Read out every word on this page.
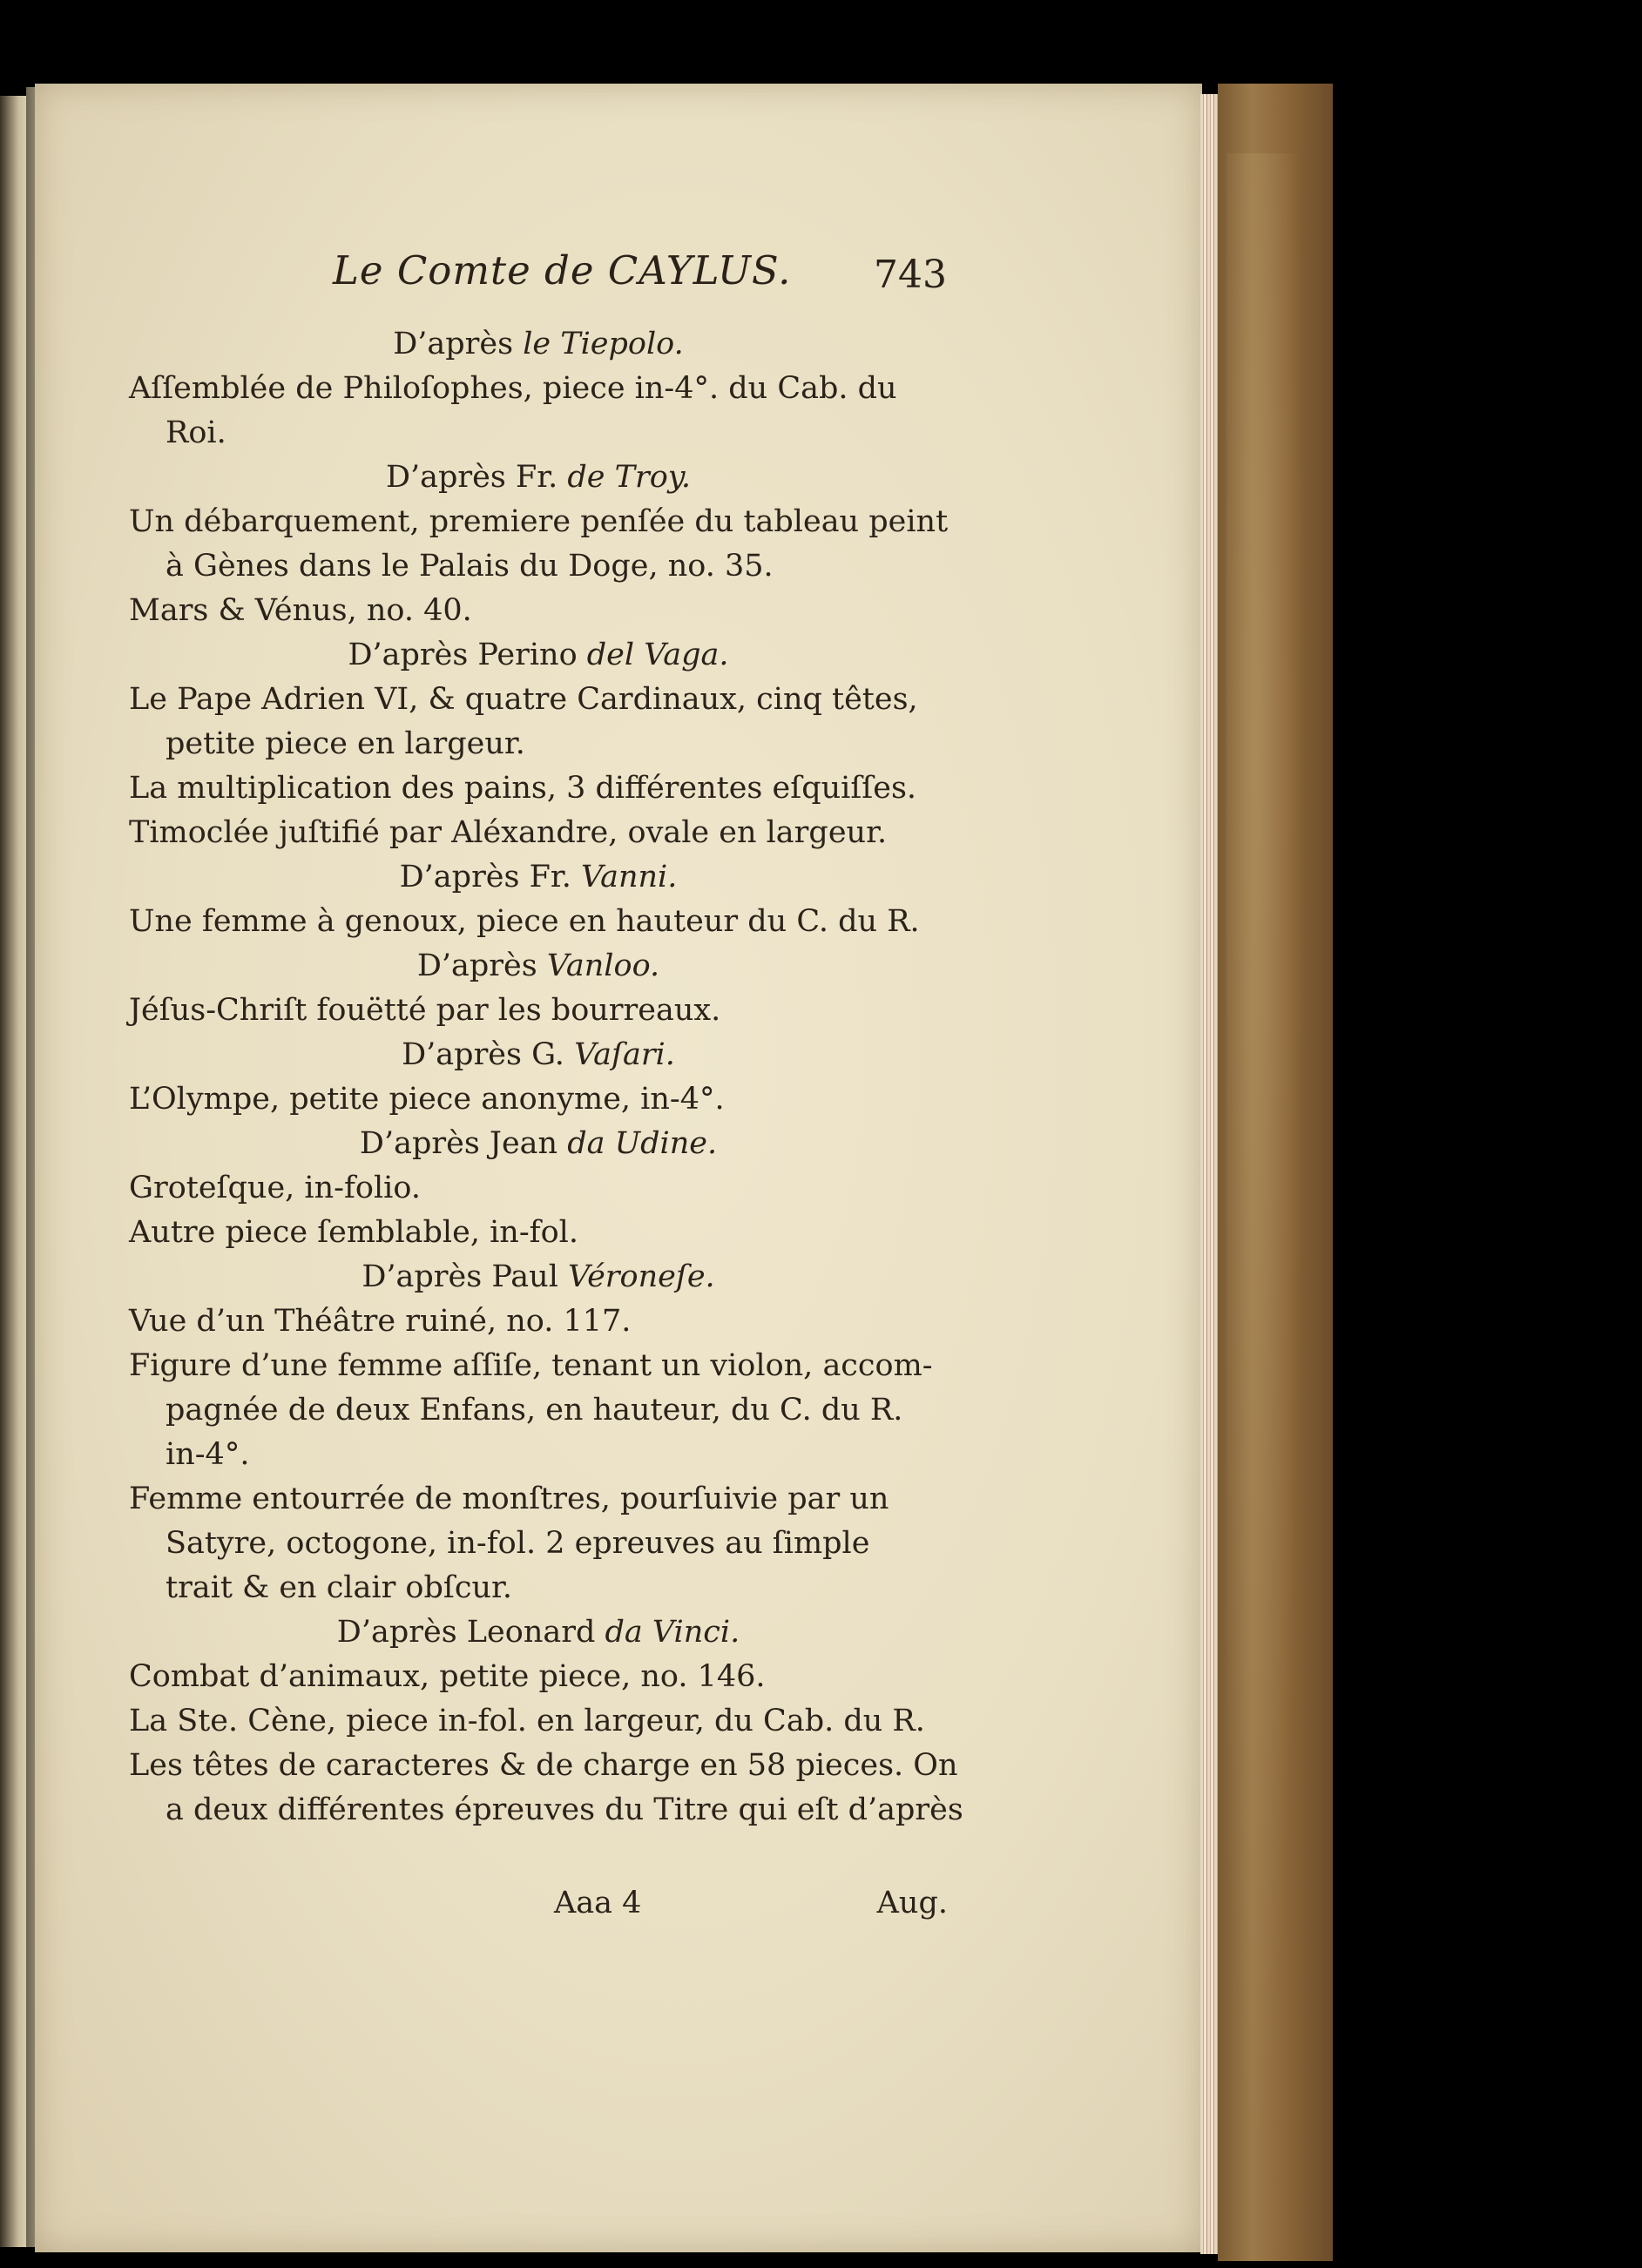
Le Comte de CAYLUS. 743
D’après le Tiepolo.
Aſſemblée de Philoſophes, piece in-4°. du Cab. du
Roi.
D’après Fr. de Troy.
Un débarquement, premiere penſée du tableau peint
à Gènes dans le Palais du Doge, no. 35.
Mars & Vénus, no. 40.
D’après Perino del Vaga.
Le Pape Adrien VI, & quatre Cardinaux, cinq têtes,
petite piece en largeur.
La multiplication des pains, 3 différentes eſquiſſes.
Timoclée juſtifié par Aléxandre, ovale en largeur.
D’après Fr. Vanni.
Une femme à genoux, piece en hauteur du C. du R.
D’après Vanloo.
Jéſus-Chriſt fouëtté par les bourreaux.
D’après G. Vaſari.
L’Olympe, petite piece anonyme, in-4°.
D’après Jean da Udine.
Groteſque, in-folio.
Autre piece ſemblable, in-fol.
D’après Paul Véroneſe.
Vue d’un Théâtre ruiné, no. 117.
Figure d’une femme aſſiſe, tenant un violon, accom-
pagnée de deux Enfans, en hauteur, du C. du R.
in-4°.
Femme entourrée de monſtres, pourſuivie par un
Satyre, octogone, in-fol. 2 epreuves au ſimple
trait & en clair obſcur.
D’après Leonard da Vinci.
Combat d’animaux, petite piece, no. 146.
La Ste. Cène, piece in-fol. en largeur, du Cab. du R.
Les têtes de caracteres & de charge en 58 pieces. On
a deux différentes épreuves du Titre qui eſt d’après
Aaa 4	Aug.
